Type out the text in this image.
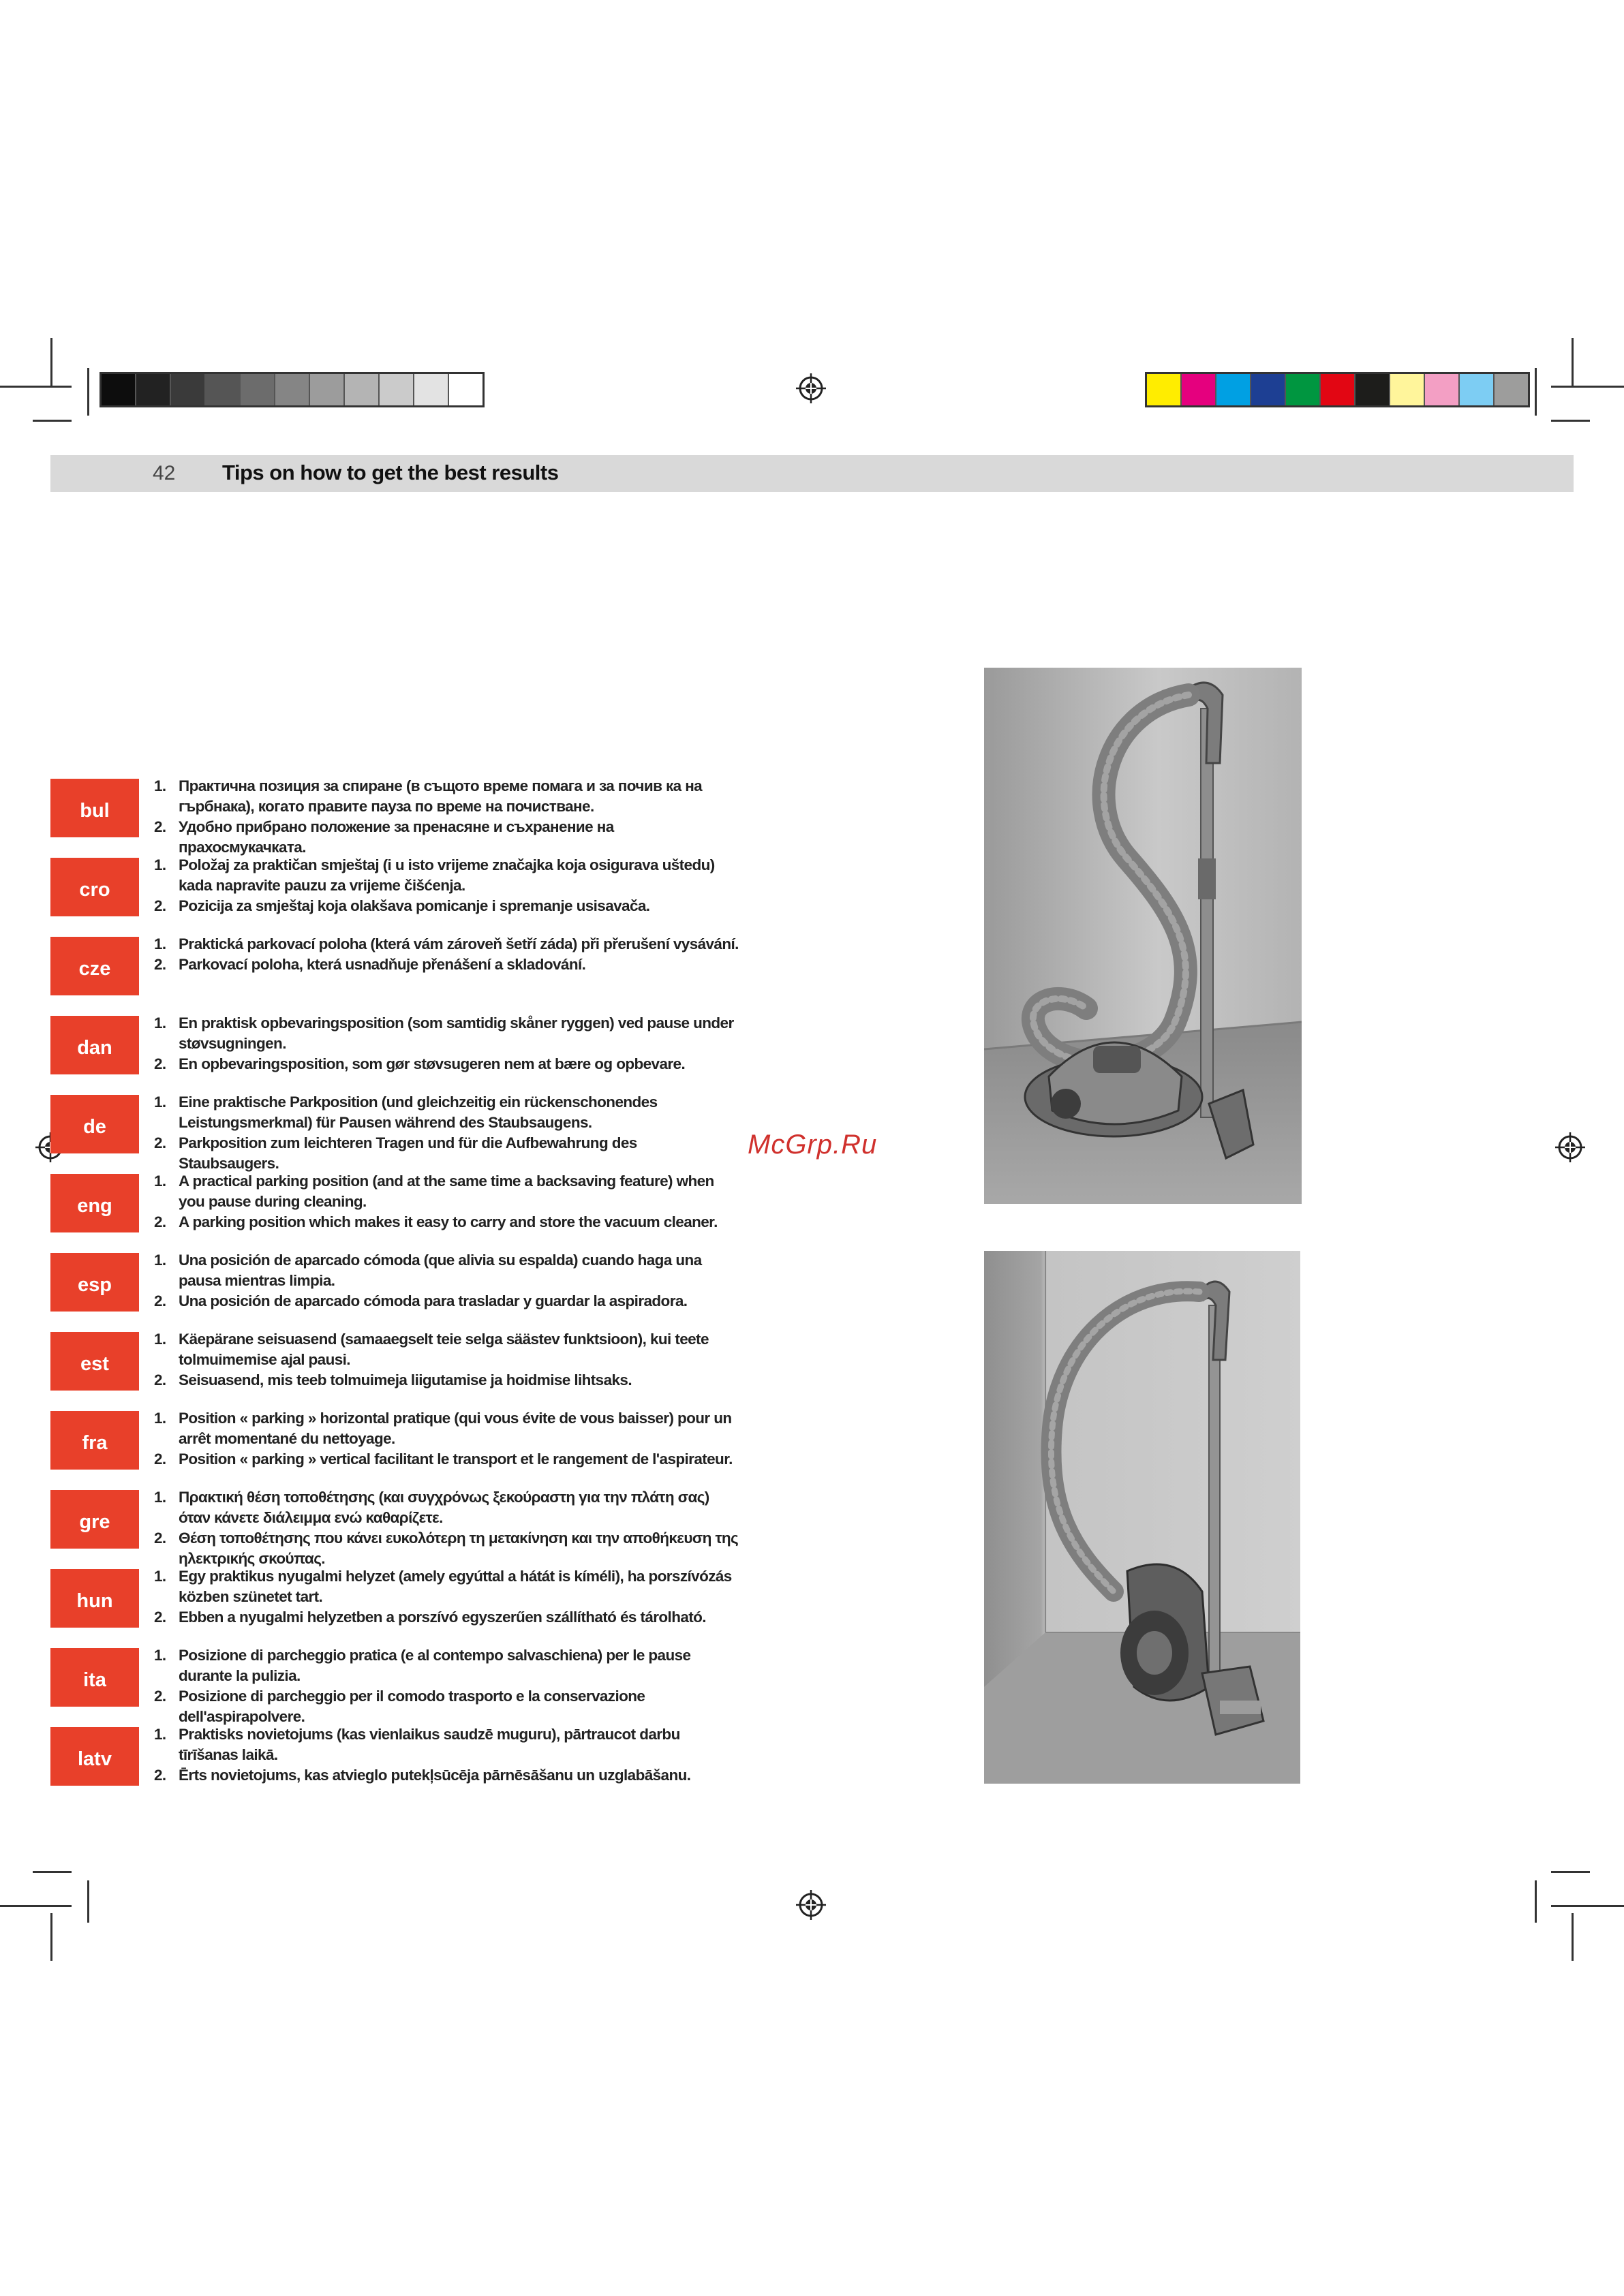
42 Tips on how to get the best results
bul
1. Практична позиция за спиране (в същото време помага и за почив ка на гърбнака), когато правите пауза по време на почистване.
2. Удобно прибрано положение за пренасяне и съхранение на прахосмукачката.
cro
1. Položaj za praktičan smještaj (i u isto vrijeme značajka koja osigurava uštedu) kada napravite pauzu za vrijeme čišćenja.
2. Pozicija za smještaj koja olakšava pomicanje i spremanje usisavača.
cze
1. Praktická parkovací poloha (která vám zároveň šetří záda) při přerušení vysávání.
2. Parkovací poloha, která usnadňuje přenášení a skladování.
dan
1. En praktisk opbevaringsposition (som samtidig skåner ryggen) ved pause under støvsugningen.
2. En opbevaringsposition, som gør støvsugeren nem at bære og opbevare.
de
1. Eine praktische Parkposition (und gleichzeitig ein rückenschonendes Leistungsmerkmal) für Pausen während des Staubsaugens.
2. Parkposition zum leichteren Tragen und für die Aufbewahrung des Staubsaugers.
eng
1. A practical parking position (and at the same time a backsaving feature) when you pause during cleaning.
2. A parking position which makes it easy to carry and store the vacuum cleaner.
esp
1. Una posición de aparcado cómoda (que alivia su espalda) cuando haga una pausa mientras limpia.
2. Una posición de aparcado cómoda para trasladar y guardar la aspiradora.
est
1. Käepärane seisuasend (samaaegselt teie selga säästev funktsioon), kui teete tolmuimemise ajal pausi.
2. Seisuasend, mis teeb tolmuimeja liigutamise ja hoidmise lihtsaks.
fra
1. Position « parking » horizontal pratique (qui vous évite de vous baisser) pour un arrêt momentané du nettoyage.
2. Position « parking » vertical facilitant le transport et le rangement de l'aspirateur.
gre
1. Πρακτική θέση τοποθέτησης (και συγχρόνως ξεκούραστη για την πλάτη σας) όταν κάνετε διάλειμμα ενώ καθαρίζετε.
2. Θέση τοποθέτησης που κάνει ευκολότερη τη μετακίνηση και την αποθήκευση της ηλεκτρικής σκούπας.
hun
1. Egy praktikus nyugalmi helyzet (amely egyúttal a hátát is kíméli), ha porszívózás közben szünetet tart.
2. Ebben a nyugalmi helyzetben a porszívó egyszerűen szállítható és tárolható.
ita
1. Posizione di parcheggio pratica (e al contempo salvaschiena) per le pause durante la pulizia.
2. Posizione di parcheggio per il comodo trasporto e la conservazione dell'aspirapolvere.
latv
1. Praktisks novietojums (kas vienlaikus saudzē muguru), pārtraucot darbu tīrīšanas laikā.
2. Ērts novietojums, kas atvieglo putekļsūcēja pārnēsāšanu un uzglabāšanu.
McGrp.Ru
